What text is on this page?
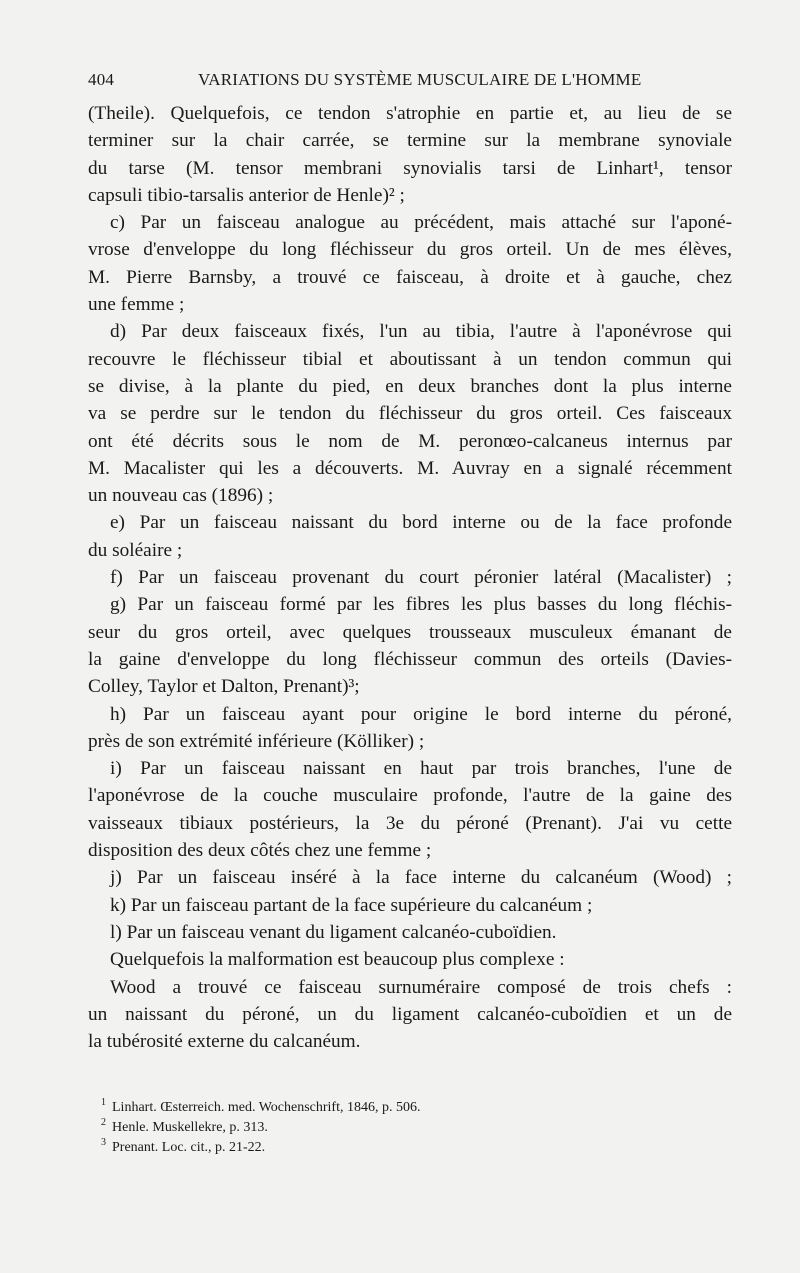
404	VARIATIONS DU SYSTÈME MUSCULAIRE DE L'HOMME
(Theile). Quelquefois, ce tendon s'atrophie en partie et, au lieu de se
terminer sur la chair carrée, se termine sur la membrane synoviale
du tarse (M. tensor membrani synovialis tarsi de Linhart¹, tensor
capsuli tibio-tarsalis anterior de Henle)² ;
c) Par un faisceau analogue au précédent, mais attaché sur l'aponé-
vrose d'enveloppe du long fléchisseur du gros orteil. Un de mes élèves,
M. Pierre Barnsby, a trouvé ce faisceau, à droite et à gauche, chez
une femme ;
d) Par deux faisceaux fixés, l'un au tibia, l'autre à l'aponévrose qui
recouvre le fléchisseur tibial et aboutissant à un tendon commun qui
se divise, à la plante du pied, en deux branches dont la plus interne
va se perdre sur le tendon du fléchisseur du gros orteil. Ces faisceaux
ont été décrits sous le nom de M. peronœo-calcaneus internus par
M. Macalister qui les a découverts. M. Auvray en a signalé récemment
un nouveau cas (1896) ;
e) Par un faisceau naissant du bord interne ou de la face profonde
du soléaire ;
f) Par un faisceau provenant du court péronier latéral (Macalister) ;
g) Par un faisceau formé par les fibres les plus basses du long fléchis-
seur du gros orteil, avec quelques trousseaux musculeux émanant de
la gaine d'enveloppe du long fléchisseur commun des orteils (Davies-
Colley, Taylor et Dalton, Prenant)³;
h) Par un faisceau ayant pour origine le bord interne du péroné,
près de son extrémité inférieure (Kölliker) ;
i) Par un faisceau naissant en haut par trois branches, l'une de
l'aponévrose de la couche musculaire profonde, l'autre de la gaine des
vaisseaux tibiaux postérieurs, la 3e du péroné (Prenant). J'ai vu cette
disposition des deux côtés chez une femme ;
j) Par un faisceau inséré à la face interne du calcanéum (Wood) ;
k) Par un faisceau partant de la face supérieure du calcanéum ;
l) Par un faisceau venant du ligament calcanéo-cuboïdien.
Quelquefois la malformation est beaucoup plus complexe :
Wood a trouvé ce faisceau surnuméraire composé de trois chefs :
un naissant du péroné, un du ligament calcanéo-cuboïdien et un de
la tubérosité externe du calcanéum.
$^1$ Linhart. Œsterreich. med. Wochenschrift, 1846, p. 506.
$^2$ Henle. Muskellekre, p. 313.
$^3$ Prenant. Loc. cit., p. 21-22.
